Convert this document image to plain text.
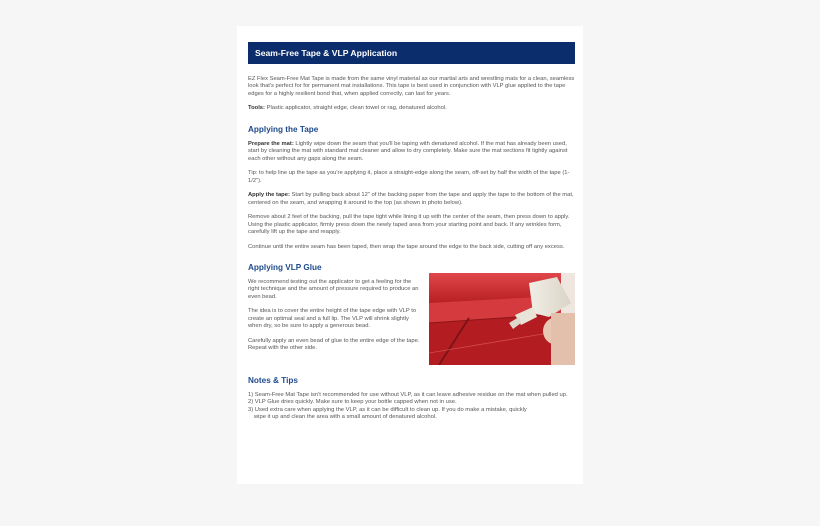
Seam-Free Tape & VLP Application

EZ Flex Seam-Free Mat Tape is made from the same vinyl material as our martial arts and wrestling mats for a clean, seamless look that's perfect for for permanent mat installations. This tape is best used in conjunction with VLP glue applied to the tape edges for a highly resilient bond that, when applied correctly, can last for years.

Tools: Plastic applicator, straight edge, clean towel or rag, denatured alcohol.

Applying the Tape

Prepare the mat: Lightly wipe down the seam that you'll be taping with denatured alcohol. If the mat has already been used, start by cleaning the mat with standard mat cleaner and allow to dry completely. Make sure the mat sections fit tightly against each other without any gaps along the seam.

Tip: to help line up the tape as you're applying it, place a straight-edge along the seam, off-set by half the width of the tape (1-1/2").

Apply the tape: Start by pulling back about 12" of the backing paper from the tape and apply the tape to the bottom of the mat, centered on the seam, and wrapping it around to the top (as shown in photo below).

Remove about 2 feet of the backing, pull the tape tight while lining it up with the center of the seam, then press down to apply. Using the plastic applicator, firmly press down the newly taped area from your starting point and back. If any wrinkles form, carefully lift up the tape and reapply.

Continue until the entire seam has been taped, then wrap the tape around the edge to the back side, cutting off any excess.

Applying VLP Glue

We recommend testing out the applicator to get a feeling for the right technique and the amount of pressure required to produce an even bead.

The idea is to cover the entire height of the tape edge with VLP to create an optimal seal and a full lip. The VLP will shrink slightly when dry, so be sure to apply a generous bead.

Carefully apply an even bead of glue to the entire edge of the tape. Repeat with the other side.

Notes & Tips

1) Seam-Free Mat Tape isn't recommended for use without VLP, as it can leave adhesive residue on the mat when pulled up.

2) VLP Glue dries quickly. Make sure to keep your bottle capped when not in use.

3) Used extra care when applying the VLP, as it can be difficult to clean up. If you do make a mistake, quickly

wipe it up and clean the area with a small amount of denatured alcohol.
